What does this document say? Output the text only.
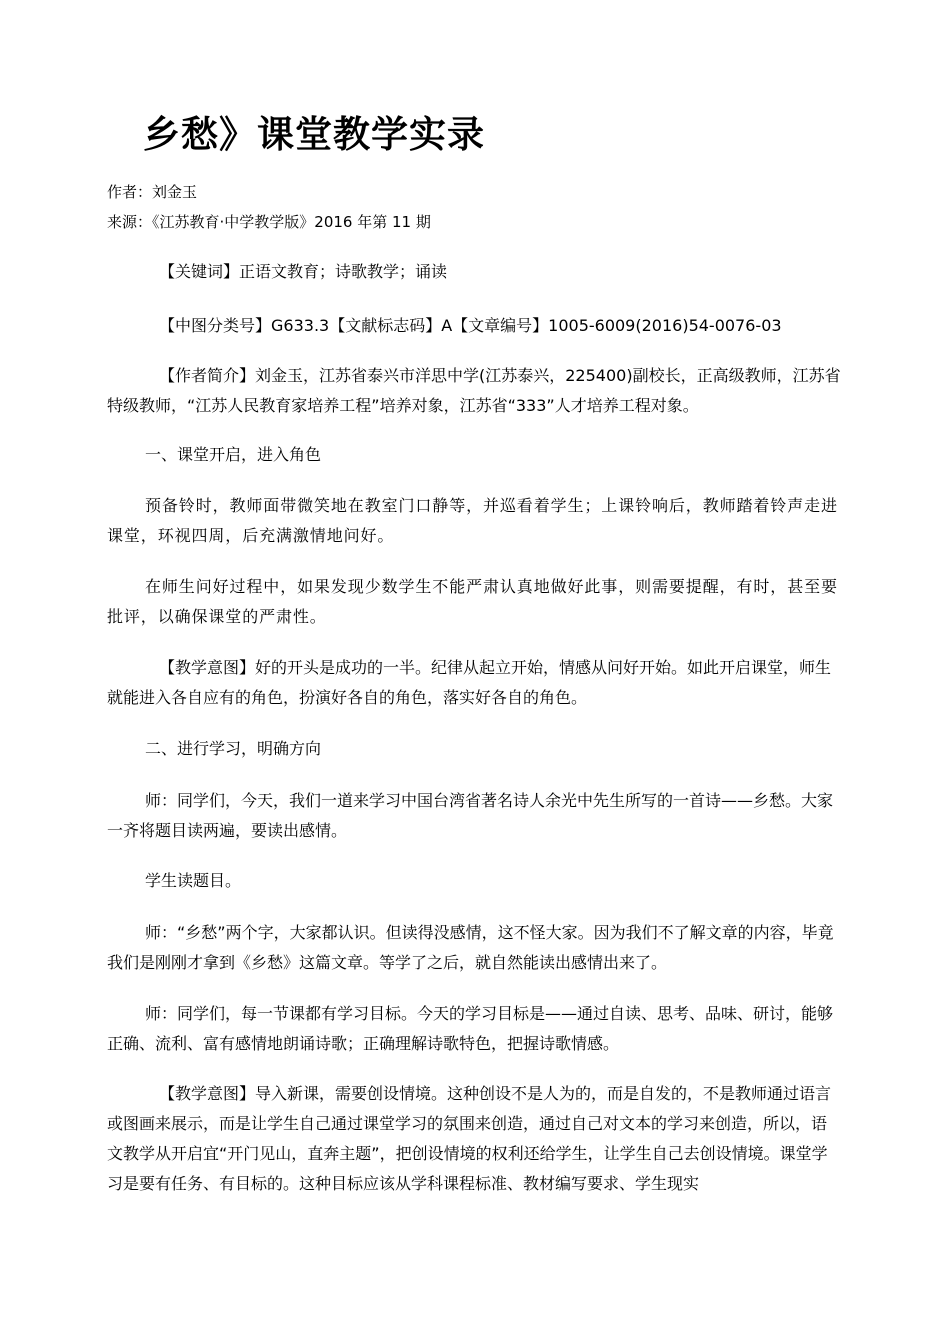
乡愁》课堂教学实录

作者：刘金玉

来源：《江苏教育·中学教学版》2016 年第 11 期

【关键词】正语文教育；诗歌教学；诵读

【中图分类号】G633.3【文献标志码】A【文章编号】1005-6009(2016)54-0076-03

【作者简介】刘金玉，江苏省泰兴市洋思中学(江苏泰兴，225400)副校长，正高级教师，江苏省特级教师，“江苏人民教育家培养工程”培养对象，江苏省“333”人才培养工程对象。

一、课堂开启，进入角色

预备铃时，教师面带微笑地在教室门口静等，并巡看着学生；上课铃响后，教师踏着铃声走进课堂，环视四周，后充满激情地问好。

在师生问好过程中，如果发现少数学生不能严肃认真地做好此事，则需要提醒，有时，甚至要批评，以确保课堂的严肃性。

【教学意图】好的开头是成功的一半。纪律从起立开始，情感从问好开始。如此开启课堂，师生就能进入各自应有的角色，扮演好各自的角色，落实好各自的角色。

二、进行学习，明确方向

师：同学们，今天，我们一道来学习中国台湾省著名诗人余光中先生所写的一首诗——乡愁。大家一齐将题目读两遍，要读出感情。

学生读题目。

师：“乡愁”两个字，大家都认识。但读得没感情，这不怪大家。因为我们不了解文章的内容，毕竟我们是刚刚才拿到《乡愁》这篇文章。等学了之后，就自然能读出感情出来了。

师：同学们，每一节课都有学习目标。今天的学习目标是——通过自读、思考、品味、研讨，能够正确、流利、富有感情地朗诵诗歌；正确理解诗歌特色，把握诗歌情感。

【教学意图】导入新课，需要创设情境。这种创设不是人为的，而是自发的，不是教师通过语言或图画来展示，而是让学生自己通过课堂学习的氛围来创造，通过自己对文本的学习来创造，所以，语文教学从开启宜“开门见山，直奔主题”，把创设情境的权利还给学生，让学生自己去创设情境。课堂学习是要有任务、有目标的。这种目标应该从学科课程标准、教材编写要求、学生现实
